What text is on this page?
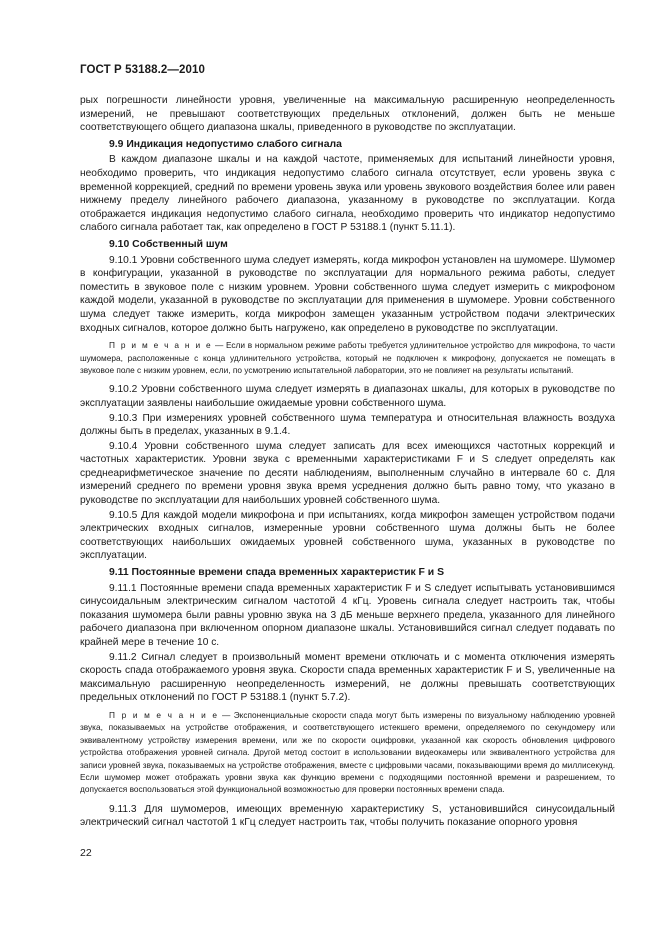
ГОСТ Р 53188.2—2010

рых погрешности линейности уровня, увеличенные на максимальную расширенную неопределенность измерений, не превышают соответствующих предельных отклонений, должен быть не меньше соответствующего общего диапазона шкалы, приведенного в руководстве по эксплуатации.

9.9 Индикация недопустимо слабого сигнала

В каждом диапазоне шкалы и на каждой частоте, применяемых для испытаний линейности уровня, необходимо проверить, что индикация недопустимо слабого сигнала отсутствует, если уровень звука с временной коррекцией, средний по времени уровень звука или уровень звукового воздействия более или равен нижнему пределу линейного рабочего диапазона, указанному в руководстве по эксплуатации. Когда отображается индикация недопустимо слабого сигнала, необходимо проверить что индикатор недопустимо слабого сигнала работает так, как определено в ГОСТ Р 53188.1 (пункт 5.11.1).

9.10 Собственный шум

9.10.1 Уровни собственного шума следует измерять, когда микрофон установлен на шумомере. Шумомер в конфигурации, указанной в руководстве по эксплуатации для нормального режима работы, следует поместить в звуковое поле с низким уровнем. Уровни собственного шума следует измерить с микрофоном каждой модели, указанной в руководстве по эксплуатации для применения в шумомере. Уровни собственного шума следует также измерить, когда микрофон замещен указанным устройством подачи электрических входных сигналов, которое должно быть нагружено, как определено в руководстве по эксплуатации.

П р и м е ч а н и е — Если в нормальном режиме работы требуется удлинительное устройство для микрофона, то части шумомера, расположенные с конца удлинительного устройства, который не подключен к микрофону, допускается не помещать в звуковое поле с низким уровнем, если, по усмотрению испытательной лаборатории, это не повлияет на результаты испытаний.

9.10.2 Уровни собственного шума следует измерять в диапазонах шкалы, для которых в руководстве по эксплуатации заявлены наибольшие ожидаемые уровни собственного шума.

9.10.3 При измерениях уровней собственного шума температура и относительная влажность воздуха должны быть в пределах, указанных в 9.1.4.

9.10.4 Уровни собственного шума следует записать для всех имеющихся частотных коррекций и частотных характеристик. Уровни звука с временными характеристиками F и S следует определять как среднеарифметическое значение по десяти наблюдениям, выполненным случайно в интервале 60 с. Для измерений среднего по времени уровня звука время усреднения должно быть равно тому, что указано в руководстве по эксплуатации для наибольших уровней собственного шума.

9.10.5 Для каждой модели микрофона и при испытаниях, когда микрофон замещен устройством подачи электрических входных сигналов, измеренные уровни собственного шума должны быть не более соответствующих наибольших ожидаемых уровней собственного шума, указанных в руководстве по эксплуатации.

9.11 Постоянные времени спада временных характеристик F и S

9.11.1 Постоянные времени спада временных характеристик F и S следует испытывать установившимся синусоидальным электрическим сигналом частотой 4 кГц. Уровень сигнала следует настроить так, чтобы показания шумомера были равны уровню звука на 3 дБ меньше верхнего предела, указанного для линейного рабочего диапазона при включенном опорном диапазоне шкалы. Установившийся сигнал следует подавать по крайней мере в течение 10 с.

9.11.2 Сигнал следует в произвольный момент времени отключать и с момента отключения измерять скорость спада отображаемого уровня звука. Скорости спада временных характеристик F и S, увеличенные на максимальную расширенную неопределенность измерений, не должны превышать соответствующих предельных отклонений по ГОСТ Р 53188.1 (пункт 5.7.2).

П р и м е ч а н и е — Экспоненциальные скорости спада могут быть измерены по визуальному наблюдению уровней звука, показываемых на устройстве отображения, и соответствующего истекшего времени, определяемого по секундомеру или эквивалентному устройству измерения времени, или же по скорости оцифровки, указанной как скорость обновления цифрового устройства отображения уровней сигнала. Другой метод состоит в использовании видеокамеры или эквивалентного устройства для записи уровней звука, показываемых на устройстве отображения, вместе с цифровыми часами, показывающими время до миллисекунд. Если шумомер может отображать уровни звука как функцию времени с подходящими постоянной времени и разрешением, то допускается воспользоваться этой функциональной возможностью для проверки постоянных времени спада.

9.11.3 Для шумомеров, имеющих временную характеристику S, установившийся синусоидальный электрический сигнал частотой 1 кГц следует настроить так, чтобы получить показание опорного уровня

22
